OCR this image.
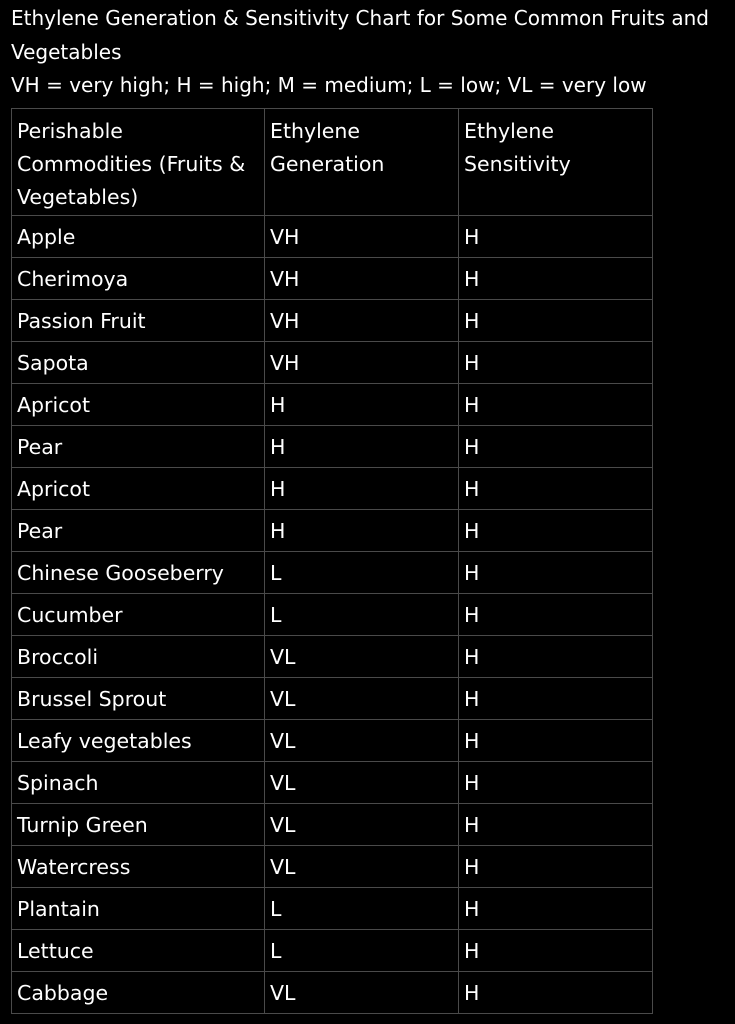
Ethylene Generation & Sensitivity Chart for Some Common Fruits and
Vegetables
VH = very high; H = high; M = medium; L = low; VL = very low
Perishable Commodities (Fruits & Vegetables)	Ethylene Generation	Ethylene Sensitivity
Apple	VH	H
Cherimoya	VH	H
Passion Fruit	VH	H
Sapota	VH	H
Apricot	H	H
Pear	H	H
Apricot	H	H
Pear	H	H
Chinese Gooseberry	L	H
Cucumber	L	H
Broccoli	VL	H
Brussel Sprout	VL	H
Leafy vegetables	VL	H
Spinach	VL	H
Turnip Green	VL	H
Watercress	VL	H
Plantain	L	H
Lettuce	L	H
Cabbage	VL	H
